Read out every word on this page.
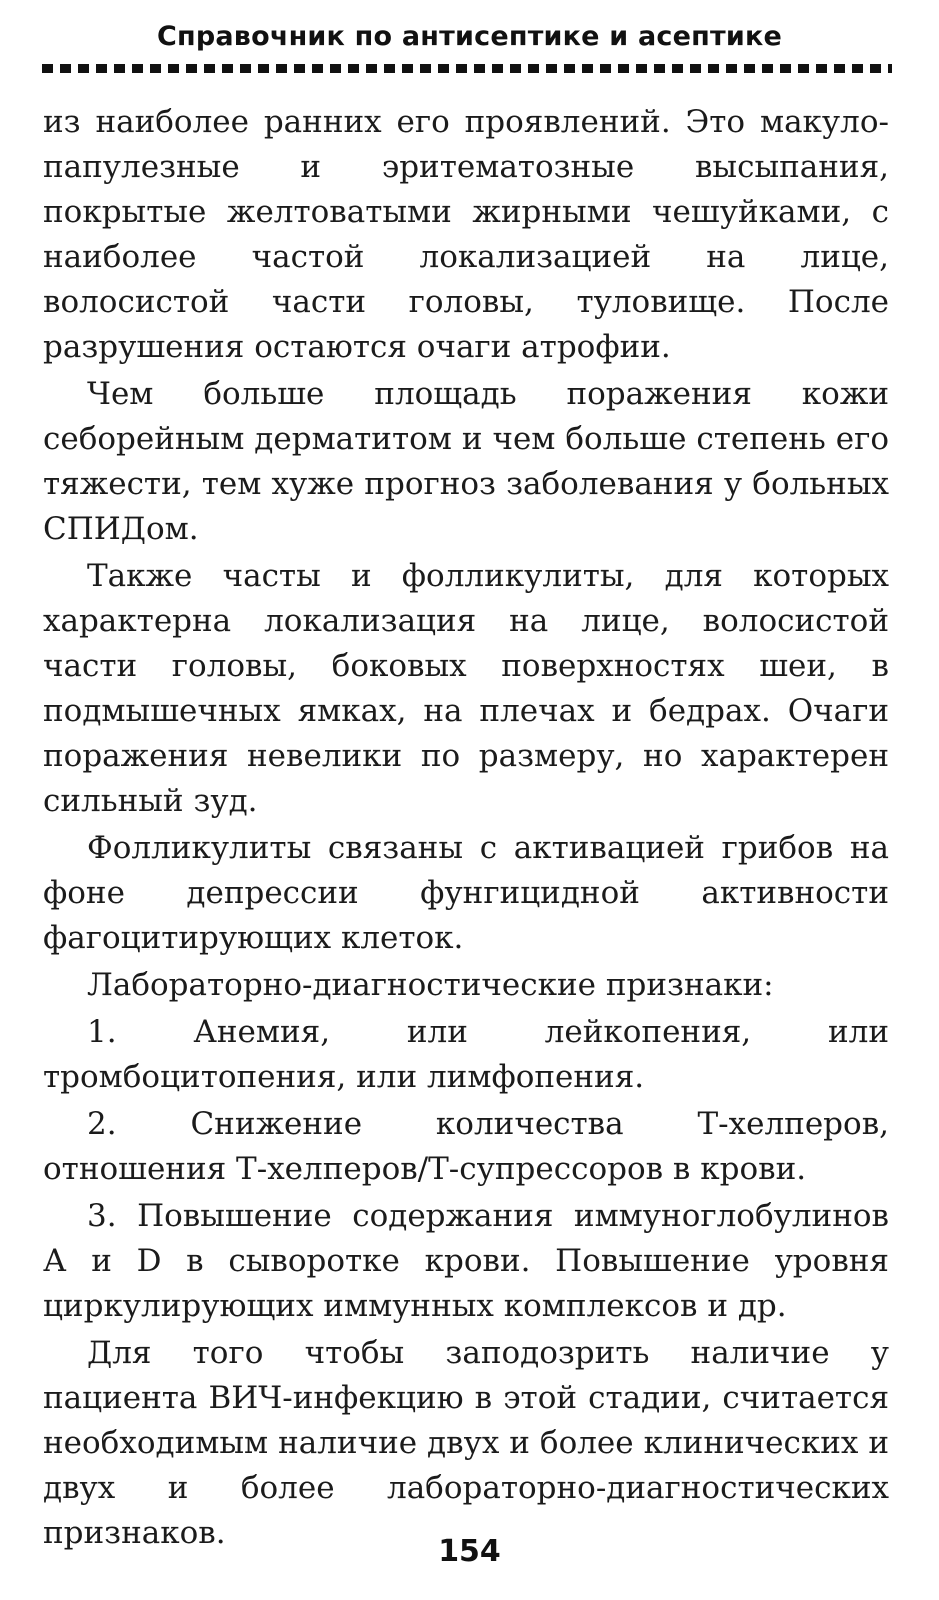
Справочник по антисептике и асептике

из наиболее ранних его проявлений. Это макуло-папулезные и эритематозные высыпания, покрытые желтоватыми жирными чешуйками, с наиболее частой локализацией на лице, волосистой части головы, туловище. После разрушения остаются очаги атрофии.

Чем больше площадь поражения кожи себорейным дерматитом и чем больше степень его тяжести, тем хуже прогноз заболевания у больных СПИДом.

Также часты и фолликулиты, для которых характерна локализация на лице, волосистой части головы, боковых поверхностях шеи, в подмышечных ямках, на плечах и бедрах. Очаги поражения невелики по размеру, но характерен сильный зуд.

Фолликулиты связаны с активацией грибов на фоне депрессии фунгицидной активности фагоцитирующих клеток.

Лабораторно-диагностические признаки:

1. Анемия, или лейкопения, или тромбоцитопения, или лимфопения.

2. Снижение количества Т-хелперов, отношения Т-хелперов/Т-супрессоров в крови.

3. Повышение содержания иммуноглобулинов А и D в сыворотке крови. Повышение уровня циркулирующих иммунных комплексов и др.

Для того чтобы заподозрить наличие у пациента ВИЧ-инфекцию в этой стадии, считается необходимым наличие двух и более клинических и двух и более лабораторно-диагностических признаков.

154
